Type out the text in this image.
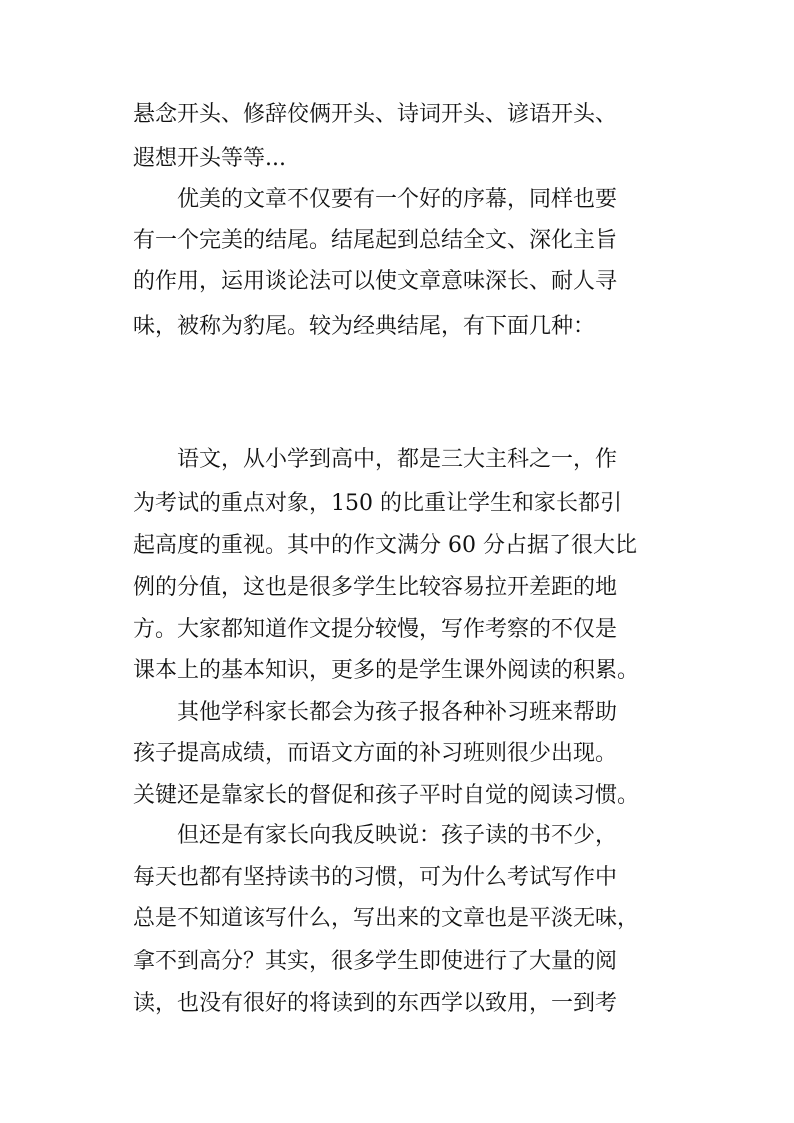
悬念开头、修辞佼俩开头、诗词开头、谚语开头、
遐想开头等等...
优美的文章不仅要有一个好的序幕，同样也要
有一个完美的结尾。结尾起到总结全文、深化主旨
的作用，运用谈论法可以使文章意味深长、耐人寻
味，被称为豹尾。较为经典结尾，有下面几种：
语文，从小学到高中，都是三大主科之一，作
为考试的重点对象，150 的比重让学生和家长都引
起高度的重视。其中的作文满分 60 分占据了很大比
例的分值，这也是很多学生比较容易拉开差距的地
方。大家都知道作文提分较慢，写作考察的不仅是
课本上的基本知识，更多的是学生课外阅读的积累。
其他学科家长都会为孩子报各种补习班来帮助
孩子提高成绩，而语文方面的补习班则很少出现。
关键还是靠家长的督促和孩子平时自觉的阅读习惯。
但还是有家长向我反映说：孩子读的书不少，
每天也都有坚持读书的习惯，可为什么考试写作中
总是不知道该写什么，写出来的文章也是平淡无味，
拿不到高分？其实，很多学生即使进行了大量的阅
读，也没有很好的将读到的东西学以致用，一到考
